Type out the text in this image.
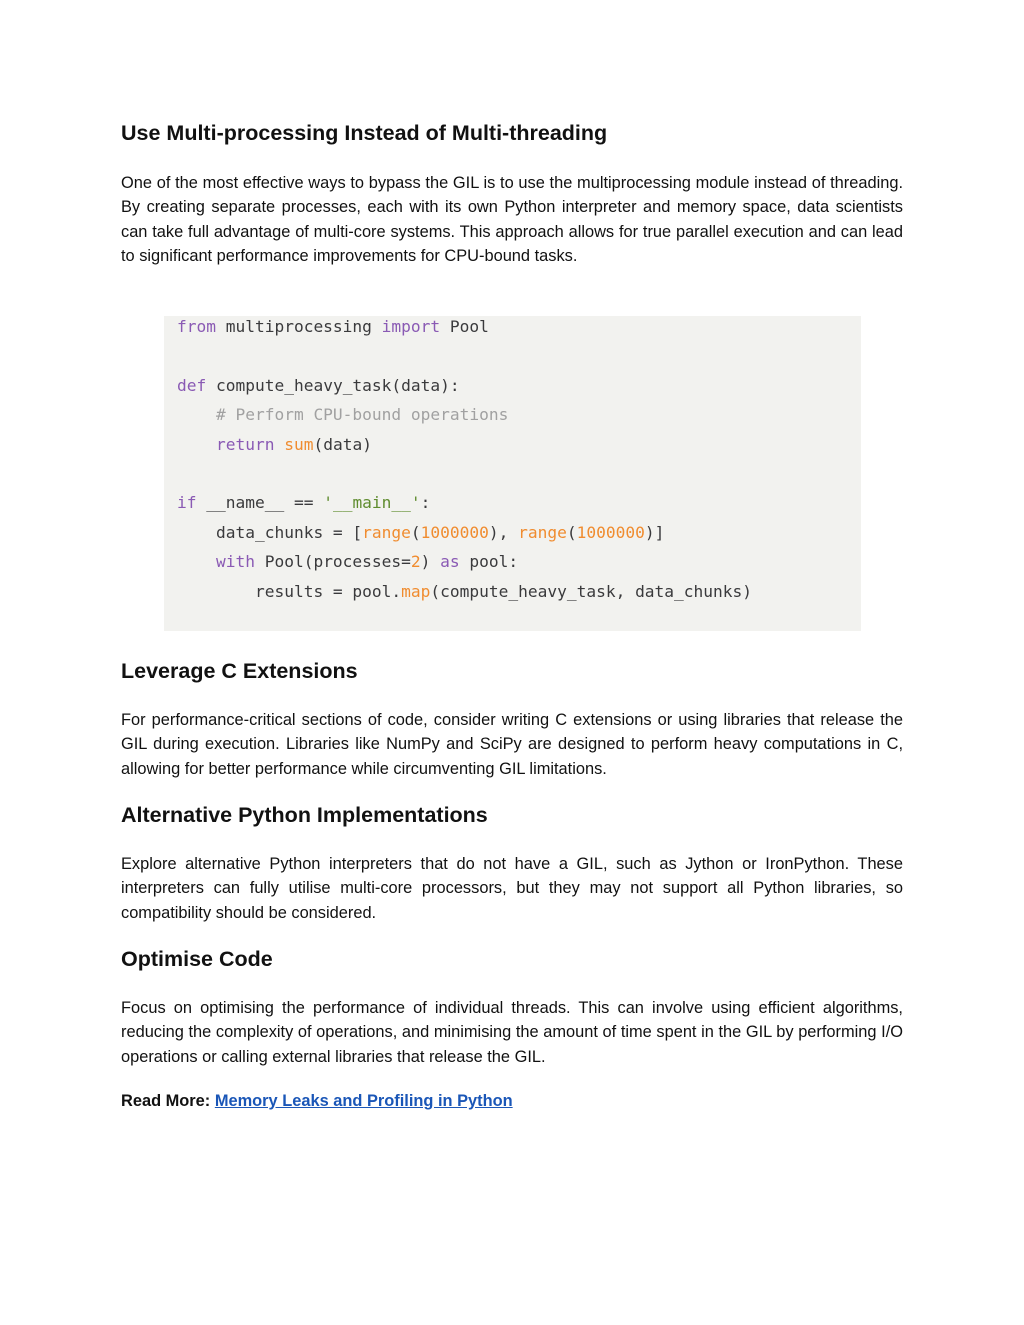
Use Multi-processing Instead of Multi-threading

One of the most effective ways to bypass the GIL is to use the multiprocessing module instead of threading. By creating separate processes, each with its own Python interpreter and memory space, data scientists can take full advantage of multi-core systems. This approach allows for true parallel execution and can lead to significant performance improvements for CPU-bound tasks.

Leverage C Extensions

For performance-critical sections of code, consider writing C extensions or using libraries that release the GIL during execution. Libraries like NumPy and SciPy are designed to perform heavy computations in C, allowing for better performance while circumventing GIL limitations.

Alternative Python Implementations

Explore alternative Python interpreters that do not have a GIL, such as Jython or IronPython. These interpreters can fully utilise multi-core processors, but they may not support all Python libraries, so compatibility should be considered.

Optimise Code

Focus on optimising the performance of individual threads. This can involve using efficient algorithms, reducing the complexity of operations, and minimising the amount of time spent in the GIL by performing I/O operations or calling external libraries that release the GIL.

Read More: Memory Leaks and Profiling in Python
from multiprocessing import Pool
def compute_heavy_task(data):
# Perform CPU-bound operations
return sum(data)
if __name__ == '__main__':
data_chunks = [range(1000000), range(1000000)]
with Pool(processes=2) as pool:
results = pool.map(compute_heavy_task, data_chunks)
